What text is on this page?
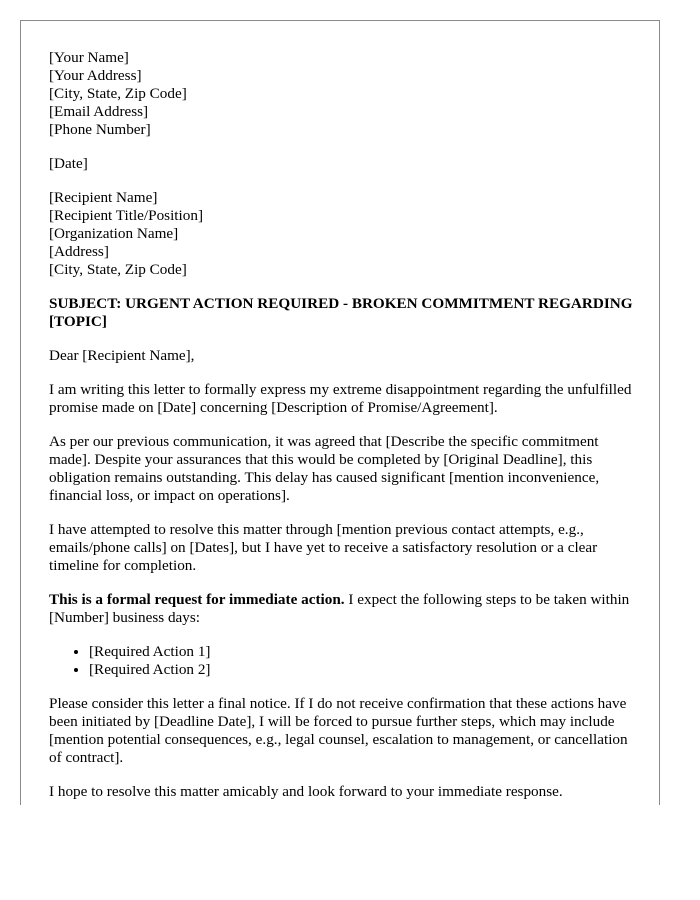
[Your Name]
[Your Address]
[City, State, Zip Code]
[Email Address]
[Phone Number]
[Date]
[Recipient Name]
[Recipient Title/Position]
[Organization Name]
[Address]
[City, State, Zip Code]
SUBJECT: URGENT ACTION REQUIRED - BROKEN COMMITMENT REGARDING [TOPIC]

Dear [Recipient Name],

I am writing this letter to formally express my extreme disappointment regarding the unfulfilled promise made on [Date] concerning [Description of Promise/Agreement].

As per our previous communication, it was agreed that [Describe the specific commitment made]. Despite your assurances that this would be completed by [Original Deadline], this obligation remains outstanding. This delay has caused significant [mention inconvenience, financial loss, or impact on operations].

I have attempted to resolve this matter through [mention previous contact attempts, e.g., emails/phone calls] on [Dates], but I have yet to receive a satisfactory resolution or a clear timeline for completion.

This is a formal request for immediate action. I expect the following steps to be taken within [Number] business days:

• [Required Action 1]
• [Required Action 2]

Please consider this letter a final notice. If I do not receive confirmation that these actions have been initiated by [Deadline Date], I will be forced to pursue further steps, which may include [mention potential consequences, e.g., legal counsel, escalation to management, or cancellation of contract].

I hope to resolve this matter amicably and look forward to your immediate response.
